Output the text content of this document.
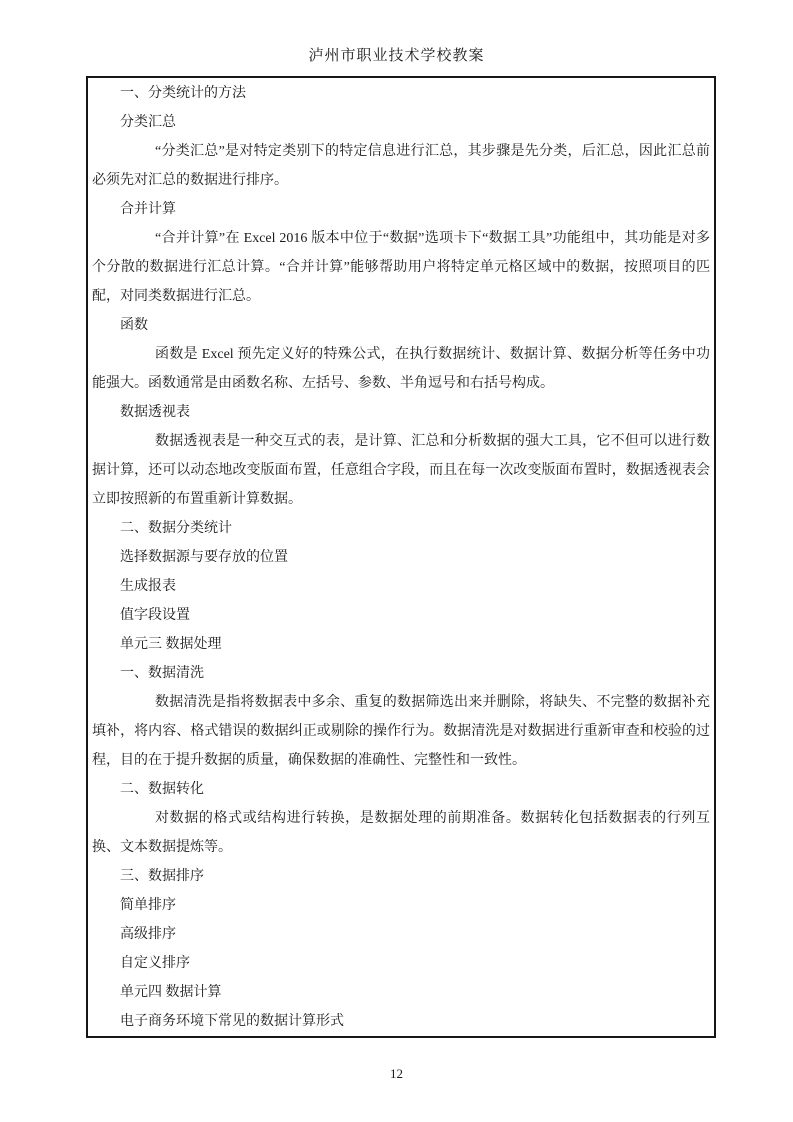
泸州市职业技术学校教案

一、分类统计的方法

分类汇总

“分类汇总”是对特定类别下的特定信息进行汇总，其步骤是先分类，后汇总，因此汇总前必须先对汇总的数据进行排序。

合并计算

“合并计算”在 Excel 2016 版本中位于“数据”选项卡下“数据工具”功能组中，其功能是对多个分散的数据进行汇总计算。“合并计算”能够帮助用户将特定单元格区域中的数据，按照项目的匹配，对同类数据进行汇总。

函数

函数是 Excel 预先定义好的特殊公式，在执行数据统计、数据计算、数据分析等任务中功能强大。函数通常是由函数名称、左括号、参数、半角逗号和右括号构成。

数据透视表

数据透视表是一种交互式的表，是计算、汇总和分析数据的强大工具，它不但可以进行数据计算，还可以动态地改变版面布置，任意组合字段，而且在每一次改变版面布置时，数据透视表会立即按照新的布置重新计算数据。

二、数据分类统计

选择数据源与要存放的位置

生成报表

值字段设置

单元三 数据处理

一、数据清洗

数据清洗是指将数据表中多余、重复的数据筛选出来并删除，将缺失、不完整的数据补充填补，将内容、格式错误的数据纠正或剔除的操作行为。数据清洗是对数据进行重新审查和校验的过程，目的在于提升数据的质量，确保数据的准确性、完整性和一致性。

二、数据转化

对数据的格式或结构进行转换，是数据处理的前期准备。数据转化包括数据表的行列互换、文本数据提炼等。

三、数据排序

简单排序

高级排序

自定义排序

单元四 数据计算

电子商务环境下常见的数据计算形式

12
